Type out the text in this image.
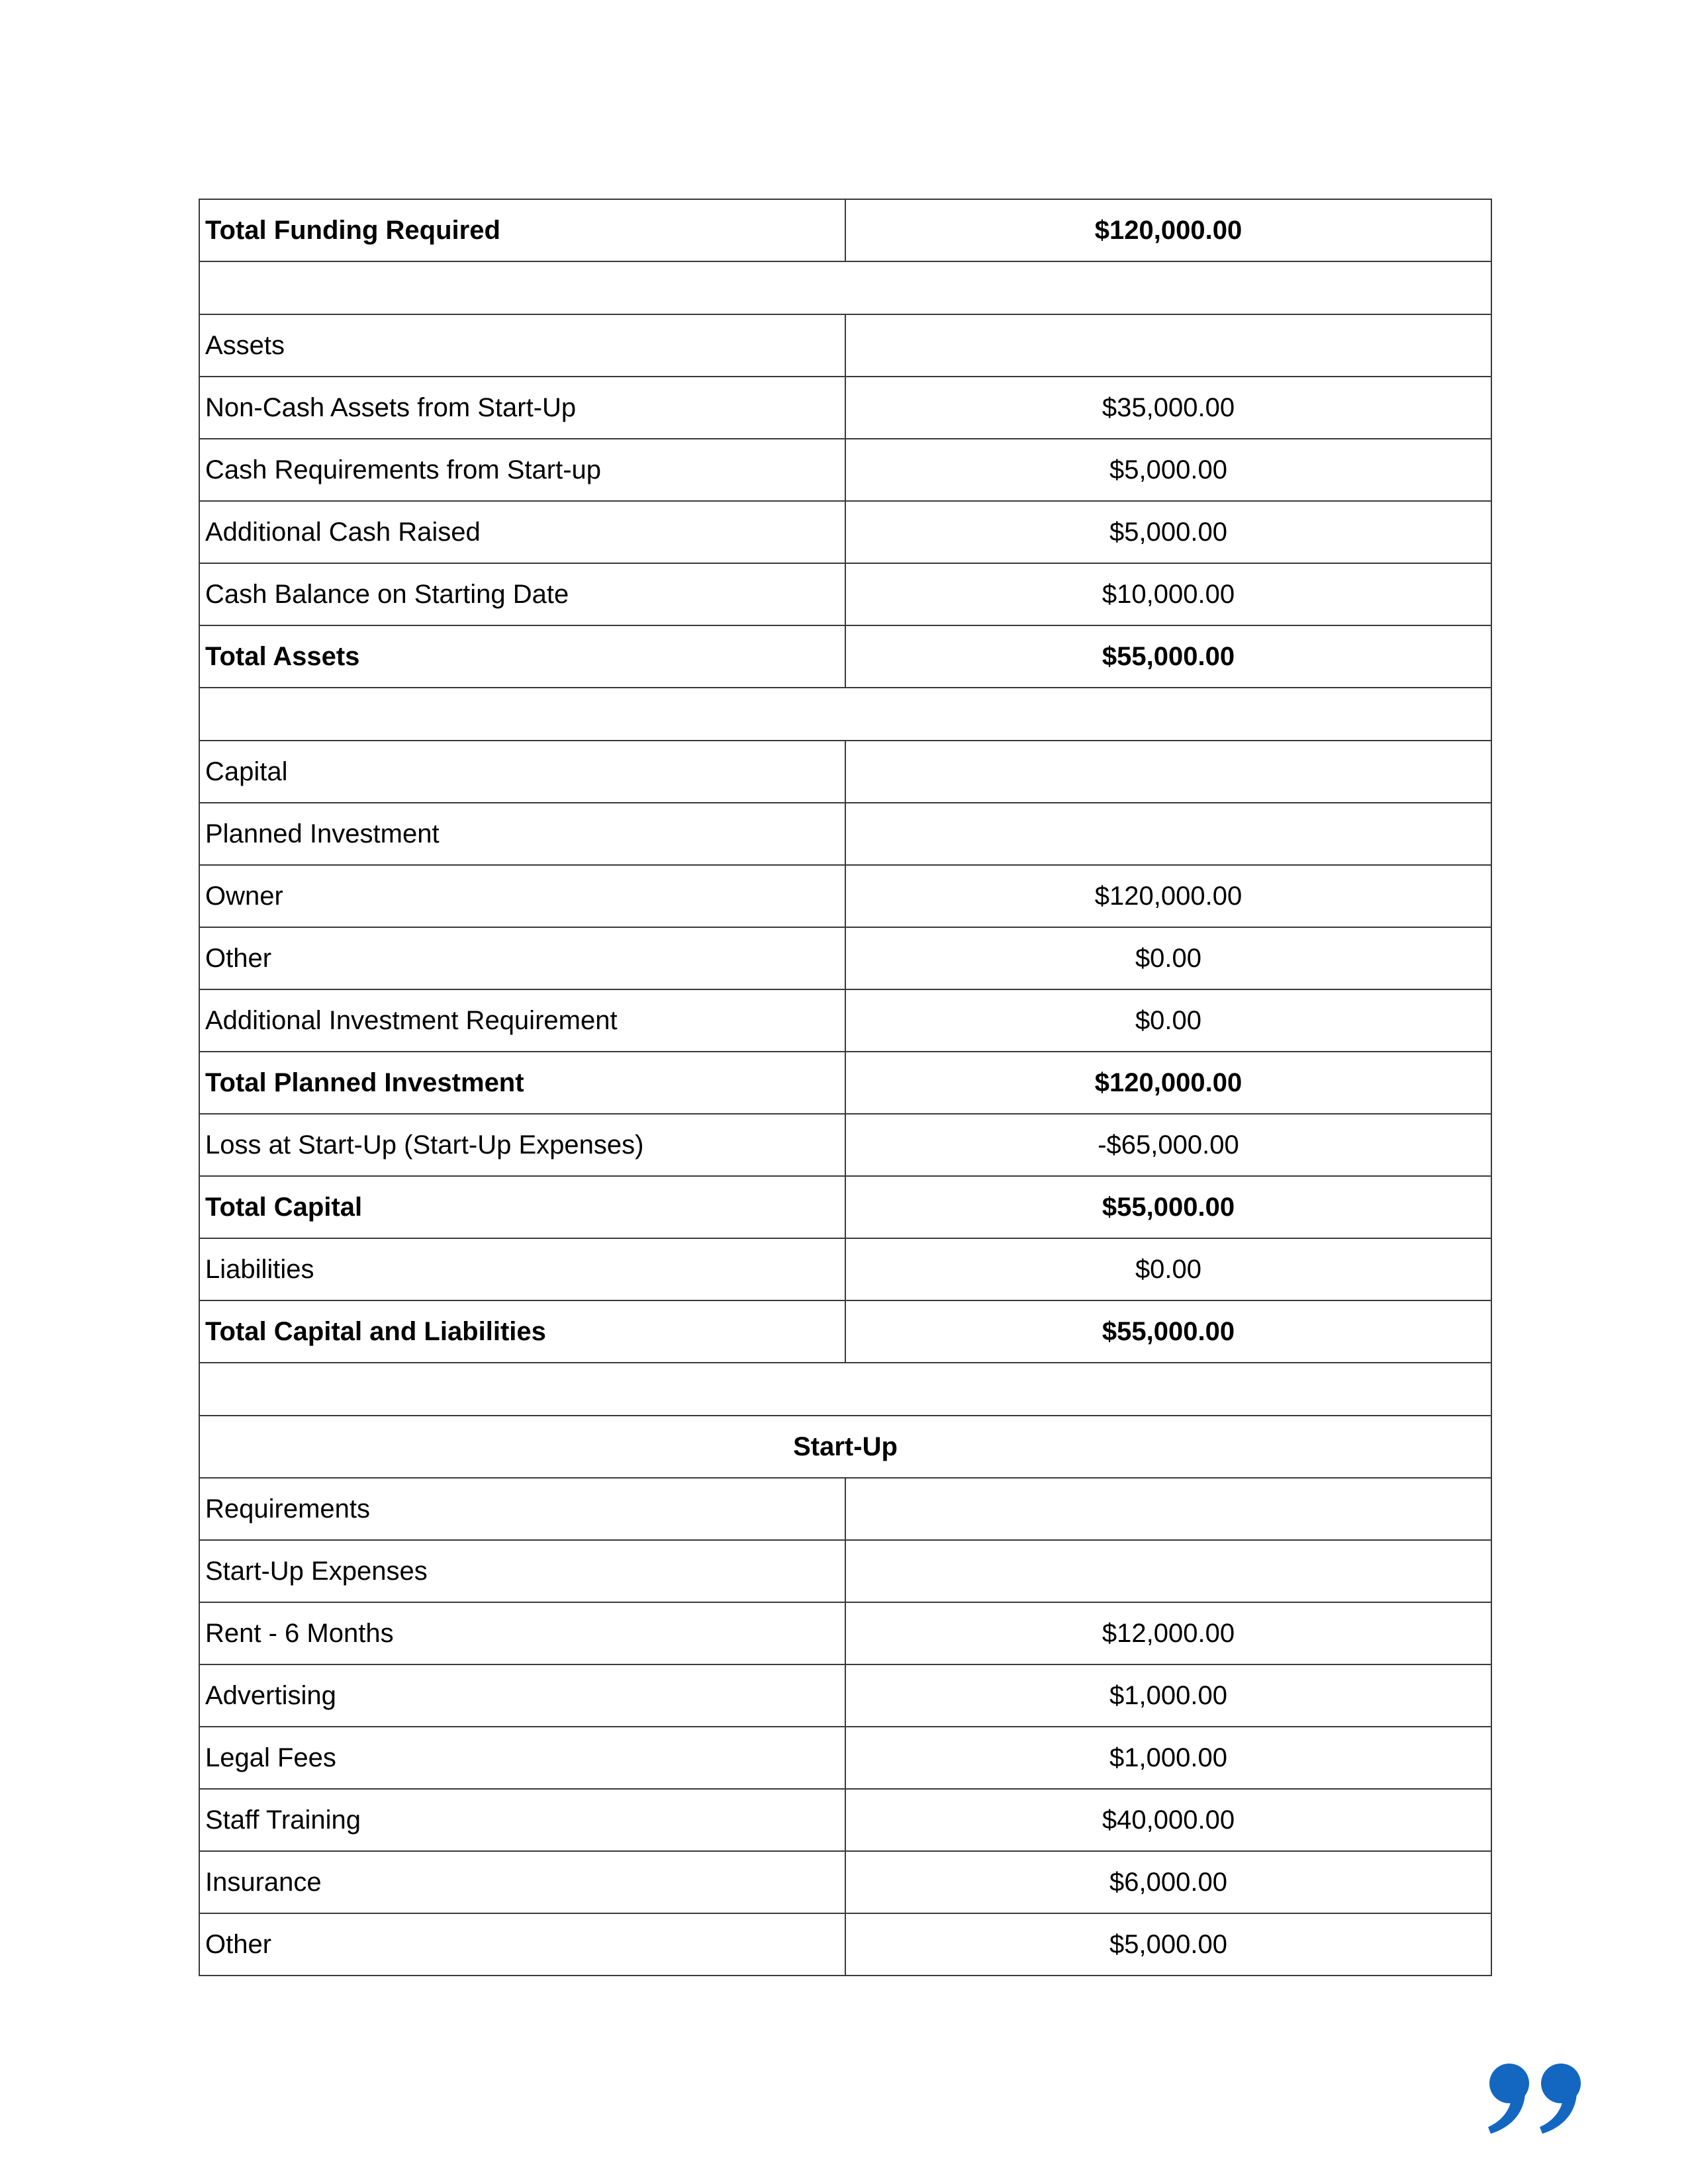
Total Funding Required	$120,000.00

Assets	
Non-Cash Assets from Start-Up	$35,000.00
Cash Requirements from Start-up	$5,000.00
Additional Cash Raised	$5,000.00
Cash Balance on Starting Date	$10,000.00
Total Assets	$55,000.00

Capital	
Planned Investment	
Owner	$120,000.00
Other	$0.00
Additional Investment Requirement	$0.00
Total Planned Investment	$120,000.00
Loss at Start-Up (Start-Up Expenses)	-$65,000.00
Total Capital	$55,000.00
Liabilities	$0.00
Total Capital and Liabilities	$55,000.00

Start-Up	
Requirements	
Start-Up Expenses	
Rent - 6 Months	$12,000.00
Advertising	$1,000.00
Legal Fees	$1,000.00
Staff Training	$40,000.00
Insurance	$6,000.00
Other	$5,000.00
